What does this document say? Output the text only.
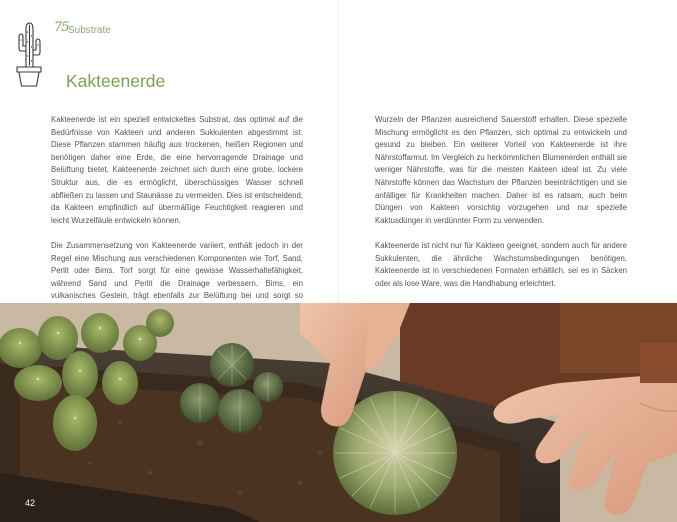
75 Substrate
Kakteenerde

Kakteenerde ist ein speziell entwickeltes Substrat, das optimal auf die Bedürfnisse von Kakteen und anderen Sukkulenten abgestimmt ist. Diese Pflanzen stammen häufig aus trockenen, heißen Regionen und benötigen daher eine Erde, die eine hervorragende Drainage und Belüftung bietet. Kakteenerde zeichnet sich durch eine grobe, lockere Struktur aus, die es ermöglicht, überschüssiges Wasser schnell abfließen zu lassen und Staunässe zu vermeiden. Dies ist entscheidend, da Kakteen empfindlich auf übermäßige Feuchtigkeit reagieren und leicht Wurzelfäule entwickeln können.

Die Zusammensetzung von Kakteenerde variiert, enthält jedoch in der Regel eine Mischung aus verschiedenen Komponenten wie Torf, Sand, Perlit oder Bims. Torf sorgt für eine gewisse Wasserhaltefähigkeit, während Sand und Perlit die Drainage verbessern. Bims, ein vulkanisches Gestein, trägt ebenfalls zur Belüftung bei und sorgt so

Wurzeln der Pflanzen ausreichend Sauerstoff erhalten. Diese spezielle Mischung ermöglicht es den Pflanzen, sich optimal zu entwickeln und gesund zu bleiben. Ein weiterer Vorteil von Kakteenerde ist ihre Nährstoffarmut. Im Vergleich zu herkömmlichen Blumenerden enthält sie weniger Nährstoffe, was für die meisten Kakteen ideal ist. Zu viele Nährstoffe können das Wachstum der Pflanzen beeinträchtigen und sie anfälliger für Krankheiten machen. Daher ist es ratsam, auch beim Düngen von Kakteen vorsichtig vorzugehen und nur spezielle Kaktusdünger in verdünnter Form zu verwenden.

Kakteenerde ist nicht nur für Kakteen geeignet, sondern auch für andere Sukkulenten, die ähnliche Wachstumsbedingungen benötigen. Kakteenerde ist in verschiedenen Formaten erhältlich, sei es in Säcken oder als lose Ware, was die Handhabung erleichtert.

42
